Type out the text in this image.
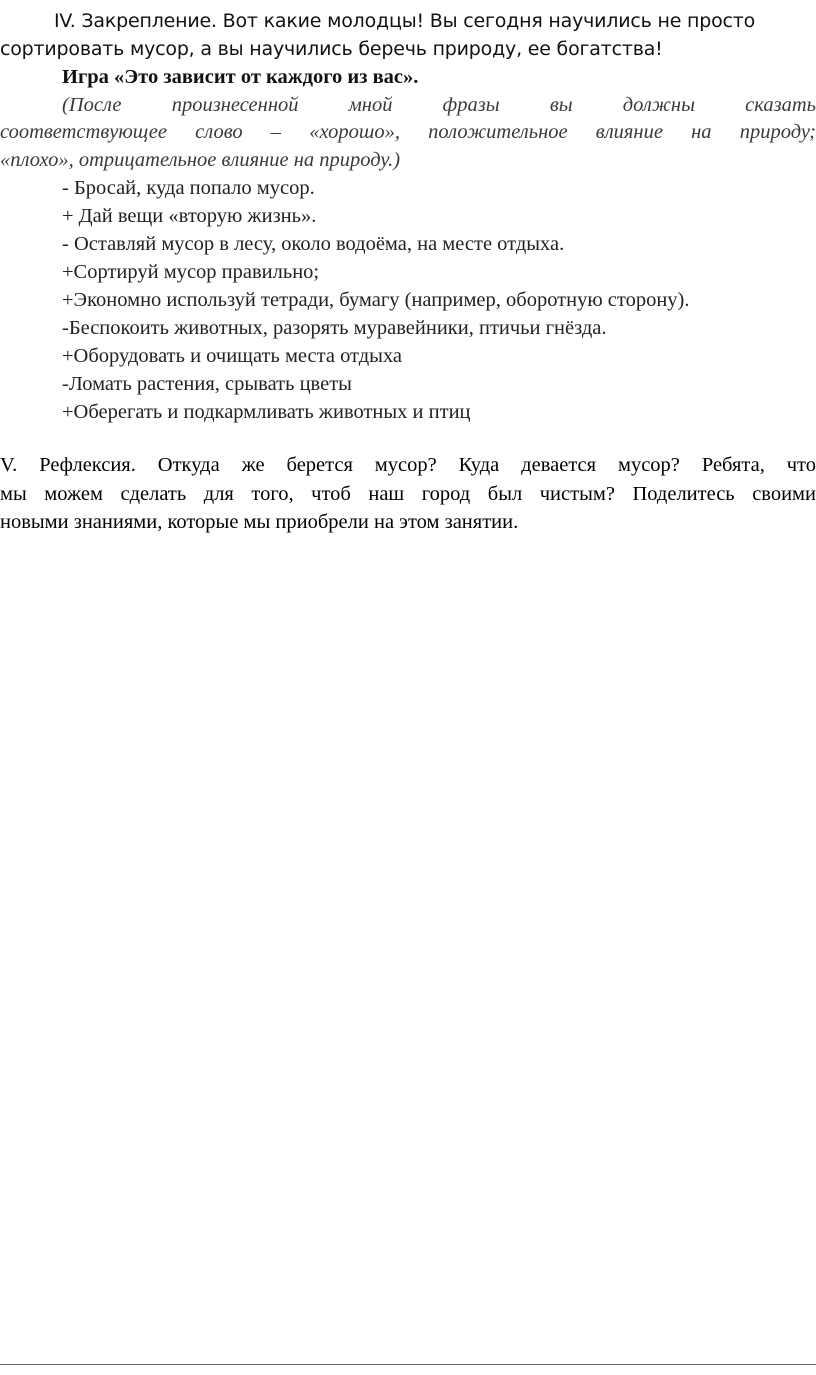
IV. Закрепление. Вот какие молодцы! Вы сегодня научились не просто
сортировать мусор, а вы научились беречь природу, ее богатства!
Игра «Это зависит от каждого из вас».
(После произнесенной мной фразы вы должны сказать
соответствующее слово – «хорошо», положительное влияние на природу;
«плохо», отрицательное влияние на природу.)
- Бросай, куда попало мусор.
+ Дай вещи «вторую жизнь».
- Оставляй мусор в лесу, около водоёма, на месте отдыха.
+Сортируй мусор правильно;
+Экономно используй тетради, бумагу (например, оборотную сторону).
-Беспокоить животных, разорять муравейники, птичьи гнёзда.
+Оборудовать и очищать места отдыха
-Ломать растения, срывать цветы
+Оберегать и подкармливать животных и птиц
V. Рефлексия. Откуда же берется мусор? Куда девается мусор? Ребята, что
мы можем сделать для того, чтоб наш город был чистым? Поделитесь своими
новыми знаниями, которые мы приобрели на этом занятии.
